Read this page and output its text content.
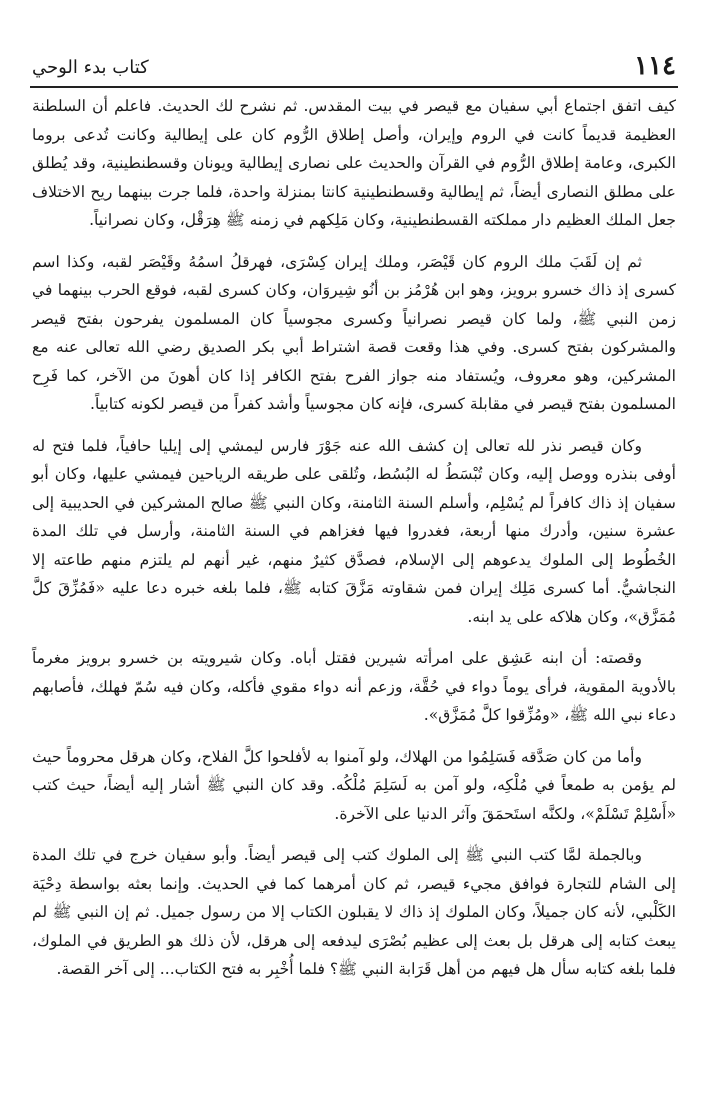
١١٤
كتاب بدء الوحي

كيف اتفق اجتماع أبي سفيان مع قيصر في بيت المقدس. ثم نشرح لك الحديث. فاعلم أن السلطنة العظيمة قديماً كانت في الروم وإيران، وأصل إطلاق الرُّوم كان على إيطالية وكانت تُدعى بروما الكبرى، وعامة إطلاق الرُّوم في القرآن والحديث على نصارى إيطالية ويونان وقسطنطينية، وقد يُطلق على مطلق النصارى أيضاً، ثم إيطالية وقسطنطينية كانتا بمنزلة واحدة، فلما جرت بينهما ريح الاختلاف جعل الملك العظيم دار مملكته القسطنطينية، وكان مَلِكهم في زمنه ﷺ هِرَقْل، وكان نصرانياً.

ثم إن لَقَبَ ملك الروم كان قَيْصَر، وملك إيران كِسْرَى، فهرقلُ اسمُهُ وقَيْصَر لقبه، وكذا اسم كسرى إذ ذاك خسرو برويز، وهو ابن هُرْمُز بن أنُو شِيروَان، وكان كسرى لقبه، فوقع الحرب بينهما في زمن النبي ﷺ، ولما كان قيصر نصرانياً وكسرى مجوسياً كان المسلمون يفرحون بفتح قيصر والمشركون بفتح كسرى. وفي هذا وقعت قصة اشتراط أبي بكر الصديق رضي الله تعالى عنه مع المشركين، وهو معروف، ويُستفاد منه جواز الفرح بفتح الكافر إذا كان أهونَ من الآخر، كما فَرِح المسلمون بفتح قيصر في مقابلة كسرى، فإنه كان مجوسياً وأشد كفراً من قيصر لكونه كتابياً.

وكان قيصر نذر لله تعالى إن كشف الله عنه جَوْرَ فارس ليمشي إلى إيليا حافياً، فلما فتح له أوفى بنذره ووصل إليه، وكان تُبْسَطُ له البُسُط، وتُلقى على طريقه الرياحين فيمشي عليها، وكان أبو سفيان إذ ذاك كافراً لم يُسْلِم، وأسلم السنة الثامنة، وكان النبي ﷺ صالح المشركين في الحديبية إلى عشرة سنين، وأدرك منها أربعة، فغدروا فيها فغزاهم في السنة الثامنة، وأرسل في تلك المدة الخُطُوط إلى الملوك يدعوهم إلى الإسلام، فصدَّق كثيرٌ منهم، غير أنهم لم يلتزم منهم طاعته إلا النجاشيُّ. أما كسرى مَلِك إيران فمن شقاوته مَزَّقَ كتابه ﷺ، فلما بلغه خبره دعا عليه «فَمُزِّقَ كلَّ مُمَزَّق»، وكان هلاكه على يد ابنه.

وقصته: أن ابنه عَشِق على امرأته شيرين فقتل أباه. وكان شيرويته بن خسرو برويز مغرماً بالأدوية المقوية، فرأى يوماً دواء في حُقَّة، وزعم أنه دواء مقوي فأكله، وكان فيه سُمّ فهلك، فأصابهم دعاء نبي الله ﷺ، «ومُزِّقوا كلَّ مُمَزَّق».

وأما من كان صَدَّقه فَسَلِمُوا من الهلاك، ولو آمنوا به لأفلحوا كلَّ الفلاح، وكان هرقل محروماً حيث لم يؤمن به طمعاً في مُلْكِه، ولو آمن به لَسَلِمَ مُلْكُه. وقد كان النبي ﷺ أشار إليه أيضاً، حيث كتب «أَسْلِمْ تَسْلَمْ»، ولكنَّه استَحمَقَ وآثر الدنيا على الآخرة.

وبالجملة لمَّا كتب النبي ﷺ إلى الملوك كتب إلى قيصر أيضاً. وأبو سفيان خرج في تلك المدة إلى الشام للتجارة فوافق مجيء قيصر، ثم كان أمرهما كما في الحديث. وإنما بعثه بواسطة دِحْيَة الكَلْبي، لأنه كان جميلاً، وكان الملوك إذ ذاك لا يقبلون الكتاب إلا من رسول جميل. ثم إن النبي ﷺ لم يبعث كتابه إلى هرقل بل بعث إلى عظيم بُصْرَى ليدفعه إلى هرقل، لأن ذلك هو الطريق في الملوك، فلما بلغه كتابه سأل هل فيهم من أهل قَرَابة النبي ﷺ؟ فلما أُخْبِر به فتح الكتاب... إلى آخر القصة.
